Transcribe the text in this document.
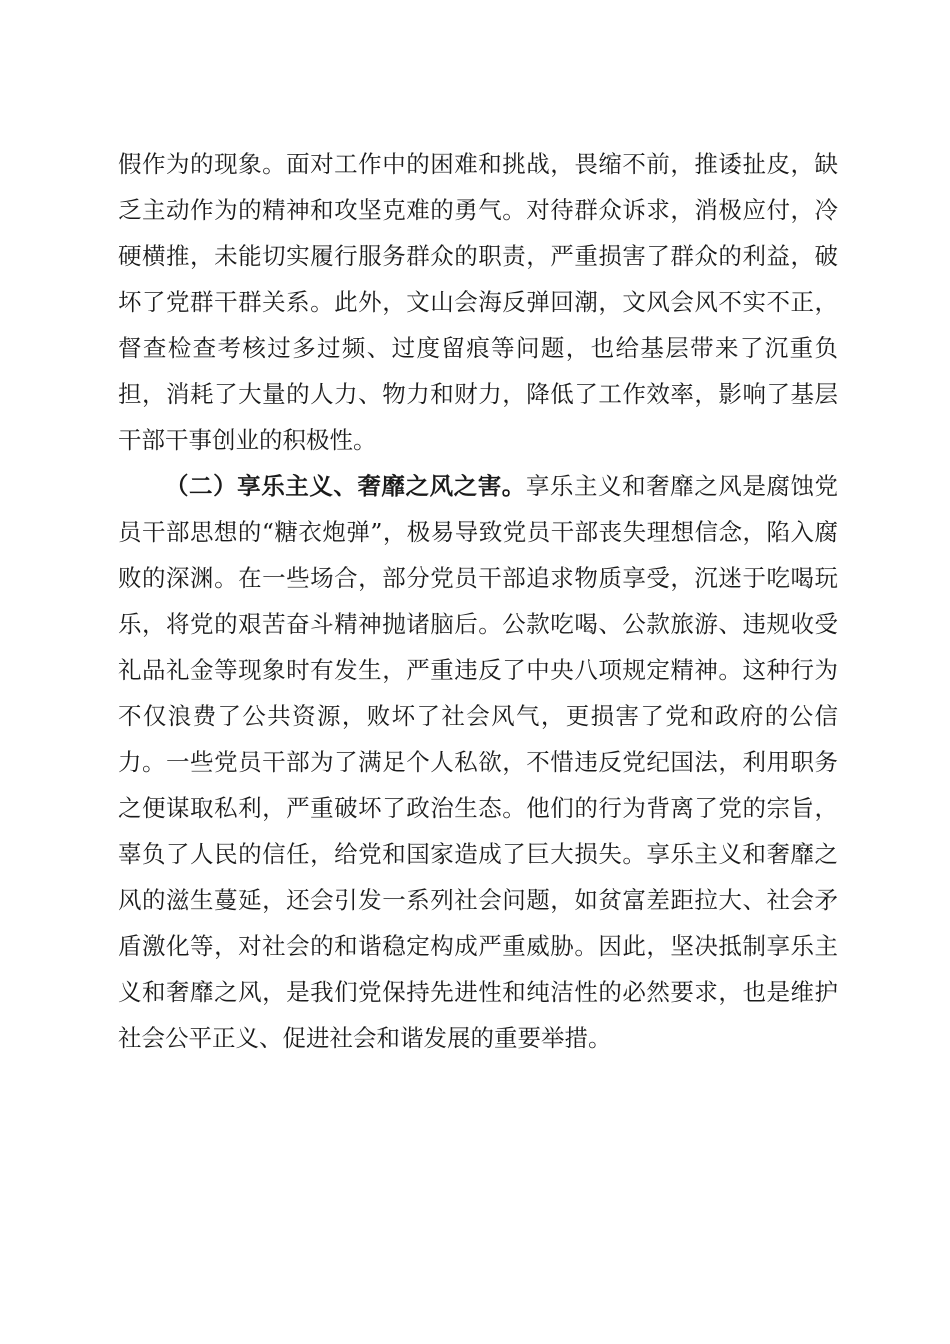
假作为的现象。面对工作中的困难和挑战，畏缩不前，推诿扯皮，缺乏主动作为的精神和攻坚克难的勇气。对待群众诉求，消极应付，冷硬横推，未能切实履行服务群众的职责，严重损害了群众的利益，破坏了党群干群关系。此外，文山会海反弹回潮，文风会风不实不正，督查检查考核过多过频、过度留痕等问题，也给基层带来了沉重负担，消耗了大量的人力、物力和财力，降低了工作效率，影响了基层干部干事创业的积极性。

（二）享乐主义、奢靡之风之害。享乐主义和奢靡之风是腐蚀党员干部思想的“糖衣炮弹”，极易导致党员干部丧失理想信念，陷入腐败的深渊。在一些场合，部分党员干部追求物质享受，沉迷于吃喝玩乐，将党的艰苦奋斗精神抛诸脑后。公款吃喝、公款旅游、违规收受礼品礼金等现象时有发生，严重违反了中央八项规定精神。这种行为不仅浪费了公共资源，败坏了社会风气，更损害了党和政府的公信力。一些党员干部为了满足个人私欲，不惜违反党纪国法，利用职务之便谋取私利，严重破坏了政治生态。他们的行为背离了党的宗旨，辜负了人民的信任，给党和国家造成了巨大损失。享乐主义和奢靡之风的滋生蔓延，还会引发一系列社会问题，如贫富差距拉大、社会矛盾激化等，对社会的和谐稳定构成严重威胁。因此，坚决抵制享乐主义和奢靡之风，是我们党保持先进性和纯洁性的必然要求，也是维护社会公平正义、促进社会和谐发展的重要举措。
